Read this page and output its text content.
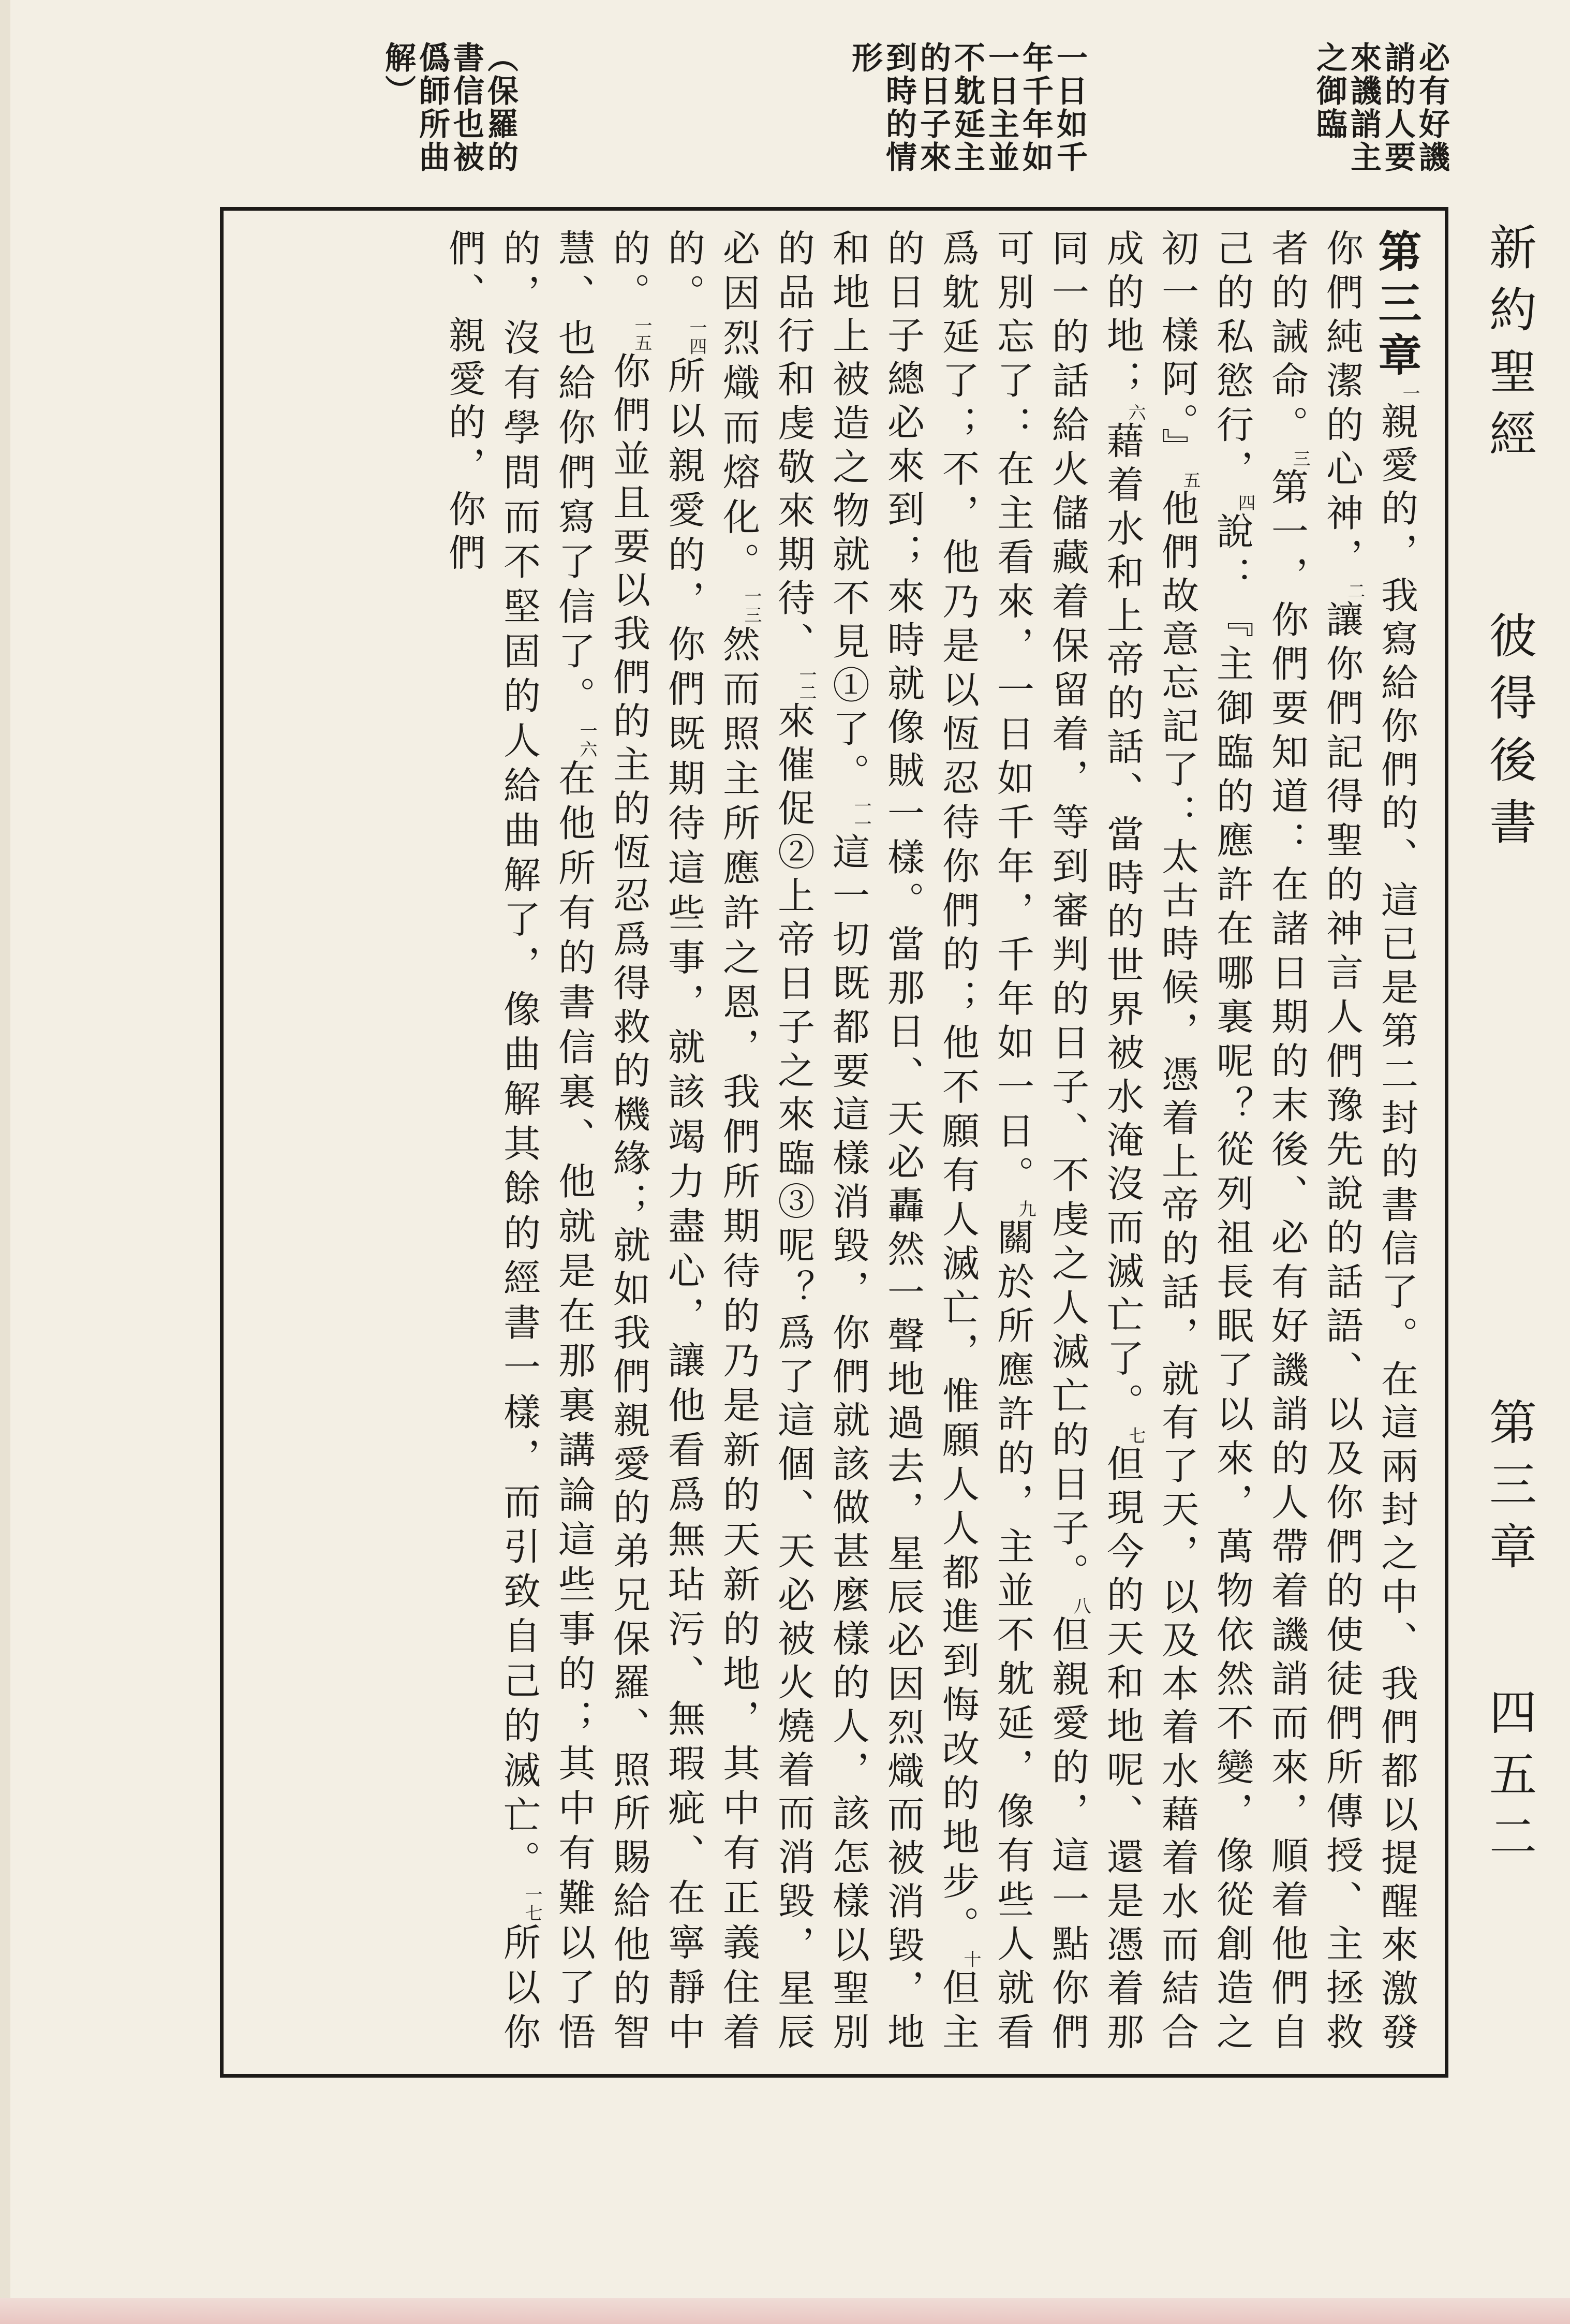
新約聖經
彼得後書
第三章
四五二
必有好譏誚的人要來譏誚主之御臨
一日如千年千年如一日主並不躭延主的日子來到時的情形
（保羅的書信也被僞師所曲解）

第三章$^一$親愛的，我寫給你們的、這已是第二封的書信了。在這兩封之中、我們都以提醒來激發你們純潔的心神，$^二$讓你們記得聖的神言人們豫先說的話語、以及你們的使徒們所傳授、主拯救者的誡命。$^三$第一，你們要知道：在諸日期的末後、必有好譏誚的人帶着譏誚而來，順着他們自己的私慾行，$^四$說：『主御臨的應許在哪裏呢？從列祖長眠了以來，萬物依然不變，像從創造之初一樣阿。』$^五$他們故意忘記了：太古時候，憑着上帝的話，就有了天，以及本着水藉着水而結合成的地；$^六$藉着水和上帝的話、當時的世界被水淹沒而滅亡了。$^七$但現今的天和地呢、還是憑着那同一的話給火儲藏着保留着，等到審判的日子、不虔之人滅亡的日子。$^八$但親愛的，這一點你們可別忘了：在主看來，一日如千年，千年如一日。$^九$關於所應許的，主並不躭延，像有些人就看爲躭延了；不，他乃是以恆忍待你們的；他不願有人滅亡，惟願人人都進到悔改的地步。$^十$但主的日子總必來到；來時就像賊一樣。當那日、天必轟然一聲地過去，星辰必因烈熾而被消毀，地和地上被造之物就不見①了。$^{一一}$這一切既都要這樣消毀，你們就該做甚麼樣的人，該怎樣以聖別的品行和虔敬來期待、$^{一二}$來催促②上帝日子之來臨③呢？爲了這個、天必被火燒着而消毀，星辰必因烈熾而熔化。$^{一三}$然而照主所應許之恩，我們所期待的乃是新的天新的地，其中有正義住着的。$^{一四}$所以親愛的，你們既期待這些事，就該竭力盡心，讓他看爲無玷污、無瑕疵、在寧靜中的。$^{一五}$你們並且要以我們的主的恆忍爲得救的機緣；就如我們親愛的弟兄保羅、照所賜給他的智慧、也給你們寫了信了。$^{一六}$在他所有的書信裏、他就是在那裏講論這些事的；其中有難以了悟的，沒有學問而不堅固的人給曲解了，像曲解其餘的經書一樣，而引致自己的滅亡。$^{一七}$所以你們、親愛的，你們
